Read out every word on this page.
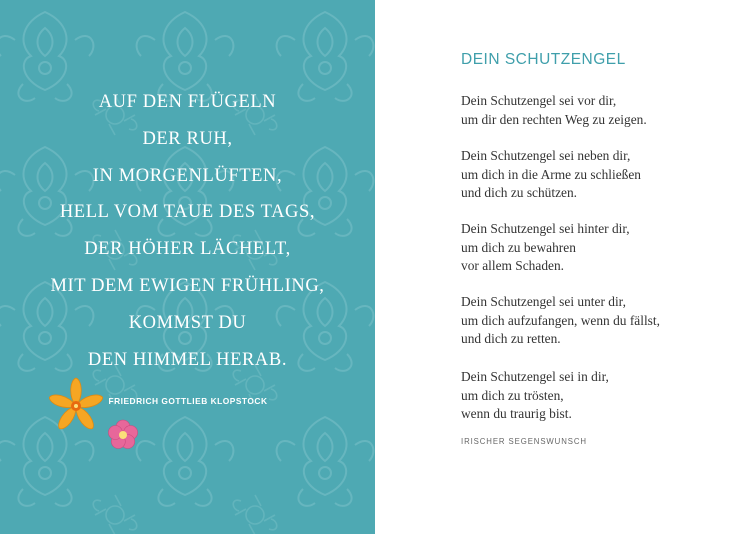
AUF DEN FLÜGELN
DER RUH,
IN MORGENLÜFTEN,
HELL VOM TAUE DES TAGS,
DER HÖHER LÄCHELT,
MIT DEM EWIGEN FRÜHLING,
KOMMST DU
DEN HIMMEL HERAB.
FRIEDRICH GOTTLIEB KLOPSTOCK
DEIN SCHUTZENGEL
Dein Schutzengel sei vor dir,
um dir den rechten Weg zu zeigen.
Dein Schutzengel sei neben dir,
um dich in die Arme zu schließen
und dich zu schützen.
Dein Schutzengel sei hinter dir,
um dich zu bewahren
vor allem Schaden.
Dein Schutzengel sei unter dir,
um dich aufzufangen, wenn du fällst,
und dich zu retten.
Dein Schutzengel sei in dir,
um dich zu trösten,
wenn du traurig bist.
IRISCHER SEGENSWUNSCH
